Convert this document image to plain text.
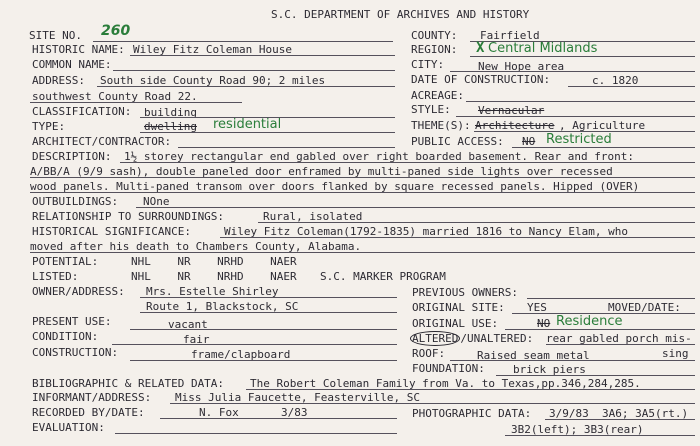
S.C. DEPARTMENT OF ARCHIVES AND HISTORY
SITE NO. 260	COUNTY: Fairfield
HISTORIC NAME: Wiley Fitz Coleman House	REGION: X Central Midlands
COMMON NAME:	CITY:	New Hope area
ADDRESS: South side County Road 90; 2 miles	DATE OF CONSTRUCTION:	c. 1820
southwest County Road 22.	ACREAGE:
CLASSIFICATION: building	STYLE: Vernacular
TYPE:	dwelling residential	THEME(S): Architecture , Agriculture
ARCHITECT/CONTRACTOR:	PUBLIC ACCESS: NO Restricted
DESCRIPTION: 1½ storey rectangular end gabled over right boarded basement. Rear and front:
A/BB/A (9/9 sash), double paneled door enframed by multi-paned side lights over recessed
wood panels. Multi-paned transom over doors flanked by square recessed panels. Hipped (OVER)
OUTBUILDINGS: NOne
RELATIONSHIP TO SURROUNDINGS:	Rural, isolated
HISTORICAL SIGNIFICANCE:	Wiley Fitz Coleman(1792-1835) married 1816 to Nancy Elam, who
moved after his death to Chambers County, Alabama.
POTENTIAL:	NHL    NR    NRHD    NAER
LISTED:	NHL    NR    NRHD    NAER S.C. MARKER PROGRAM
OWNER/ADDRESS: Mrs. Estelle Shirley	PREVIOUS OWNERS:
Route 1, Blackstock, SC	ORIGINAL SITE: YES	MOVED/DATE:
PRESENT USE:	vacant	ORIGINAL USE:	NO Residence
CONDITION:	fair	ALTERED /UNALTERED: rear gabled porch mis-
CONSTRUCTION:	frame/clapboard	ROOF:	Raised seam metal	sing
FOUNDATION:	brick piers
BIBLIOGRAPHIC & RELATED DATA: The Robert Coleman Family from Va. to Texas,pp.346,284,285.
INFORMANT/ADDRESS: Miss Julia Faucette, Feasterville, SC
RECORDED BY/DATE:	N. Fox	3/83	PHOTOGRAPHIC DATA: 3/9/83  3A6; 3A5(rt.)
3B2(left); 3B3(rear)
EVALUATION:
